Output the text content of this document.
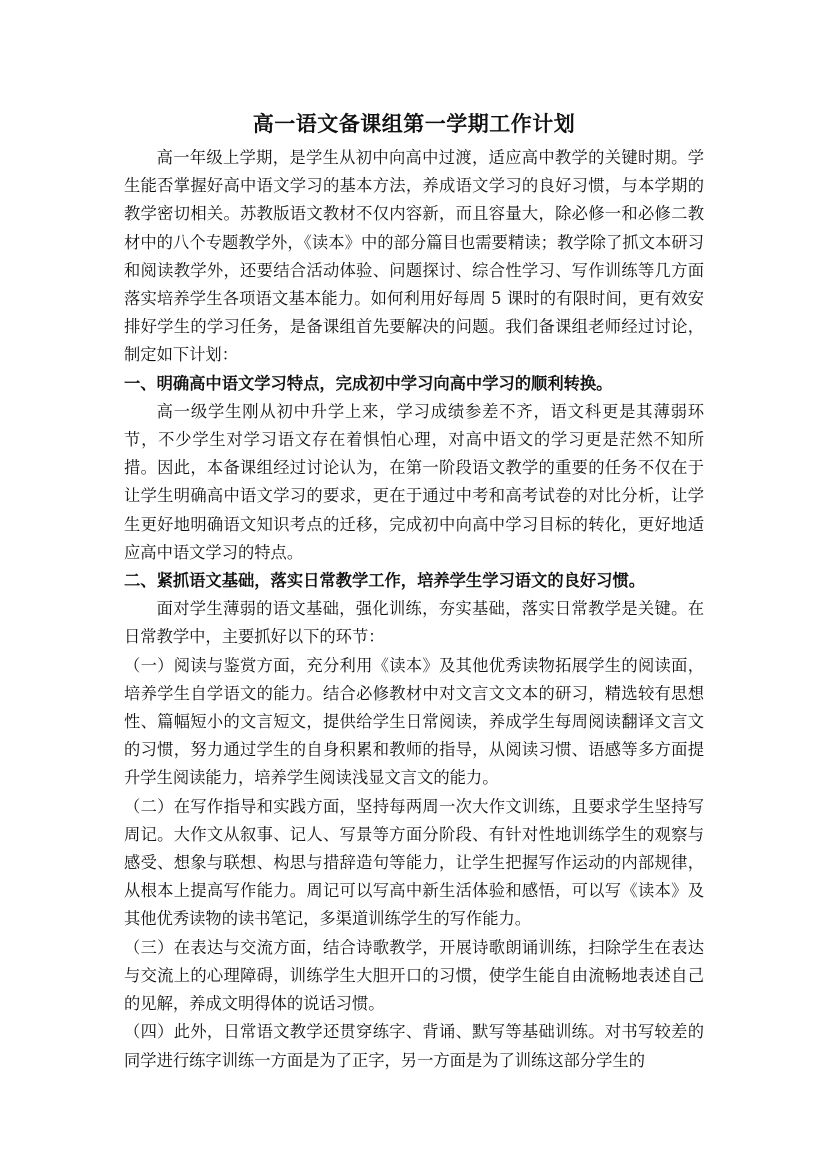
高一语文备课组第一学期工作计划

高一年级上学期，是学生从初中向高中过渡，适应高中教学的关键时期。学生能否掌握好高中语文学习的基本方法，养成语文学习的良好习惯，与本学期的教学密切相关。苏教版语文教材不仅内容新，而且容量大，除必修一和必修二教材中的八个专题教学外，《读本》中的部分篇目也需要精读；教学除了抓文本研习和阅读教学外，还要结合活动体验、问题探讨、综合性学习、写作训练等几方面落实培养学生各项语文基本能力。如何利用好每周 5 课时的有限时间，更有效安排好学生的学习任务，是备课组首先要解决的问题。我们备课组老师经过讨论，制定如下计划：

一、明确高中语文学习特点，完成初中学习向高中学习的顺利转换。

高一级学生刚从初中升学上来，学习成绩参差不齐，语文科更是其薄弱环节，不少学生对学习语文存在着惧怕心理，对高中语文的学习更是茫然不知所措。因此，本备课组经过讨论认为，在第一阶段语文教学的重要的任务不仅在于让学生明确高中语文学习的要求，更在于通过中考和高考试卷的对比分析，让学生更好地明确语文知识考点的迁移，完成初中向高中学习目标的转化，更好地适应高中语文学习的特点。

二、紧抓语文基础，落实日常教学工作，培养学生学习语文的良好习惯。

面对学生薄弱的语文基础，强化训练，夯实基础，落实日常教学是关键。在日常教学中，主要抓好以下的环节：

（一）阅读与鉴赏方面，充分利用《读本》及其他优秀读物拓展学生的阅读面，培养学生自学语文的能力。结合必修教材中对文言文文本的研习，精选较有思想性、篇幅短小的文言短文，提供给学生日常阅读，养成学生每周阅读翻译文言文的习惯，努力通过学生的自身积累和教师的指导，从阅读习惯、语感等多方面提升学生阅读能力，培养学生阅读浅显文言文的能力。

（二）在写作指导和实践方面，坚持每两周一次大作文训练，且要求学生坚持写周记。大作文从叙事、记人、写景等方面分阶段、有针对性地训练学生的观察与感受、想象与联想、构思与措辞造句等能力，让学生把握写作运动的内部规律，从根本上提高写作能力。周记可以写高中新生活体验和感悟，可以写《读本》及其他优秀读物的读书笔记，多渠道训练学生的写作能力。

（三）在表达与交流方面，结合诗歌教学，开展诗歌朗诵训练，扫除学生在表达与交流上的心理障碍，训练学生大胆开口的习惯，使学生能自由流畅地表述自己的见解，养成文明得体的说话习惯。

（四）此外，日常语文教学还贯穿练字、背诵、默写等基础训练。对书写较差的同学进行练字训练一方面是为了正字，另一方面是为了训练这部分学生的
